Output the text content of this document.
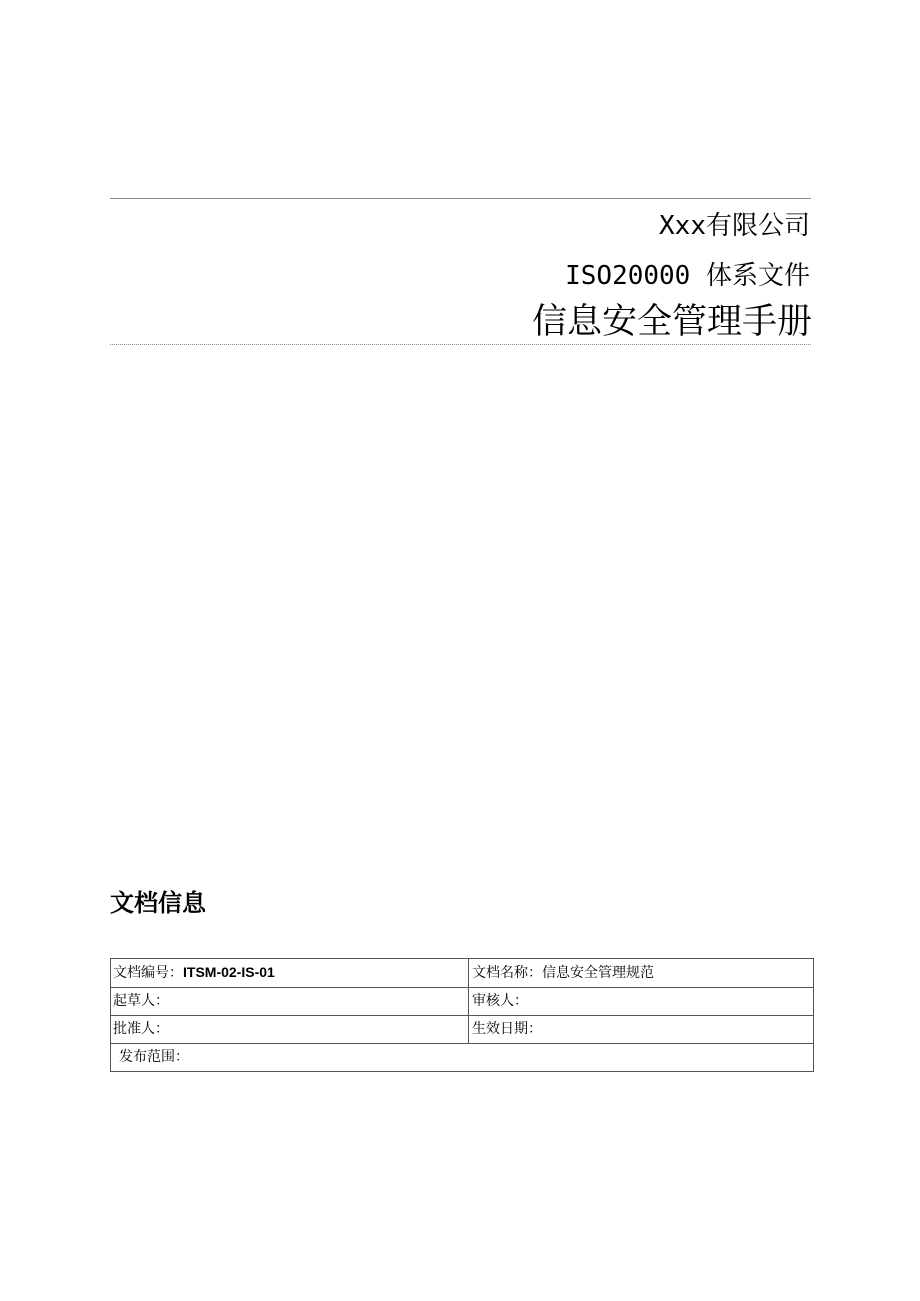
Xxx有限公司
ISO20000 体系文件
信息安全管理手册
文档信息
文档编号：ITSM-02-IS-01	文档名称：信息安全管理规范
起草人：	审核人：
批准人：	生效日期：
发布范围：	
